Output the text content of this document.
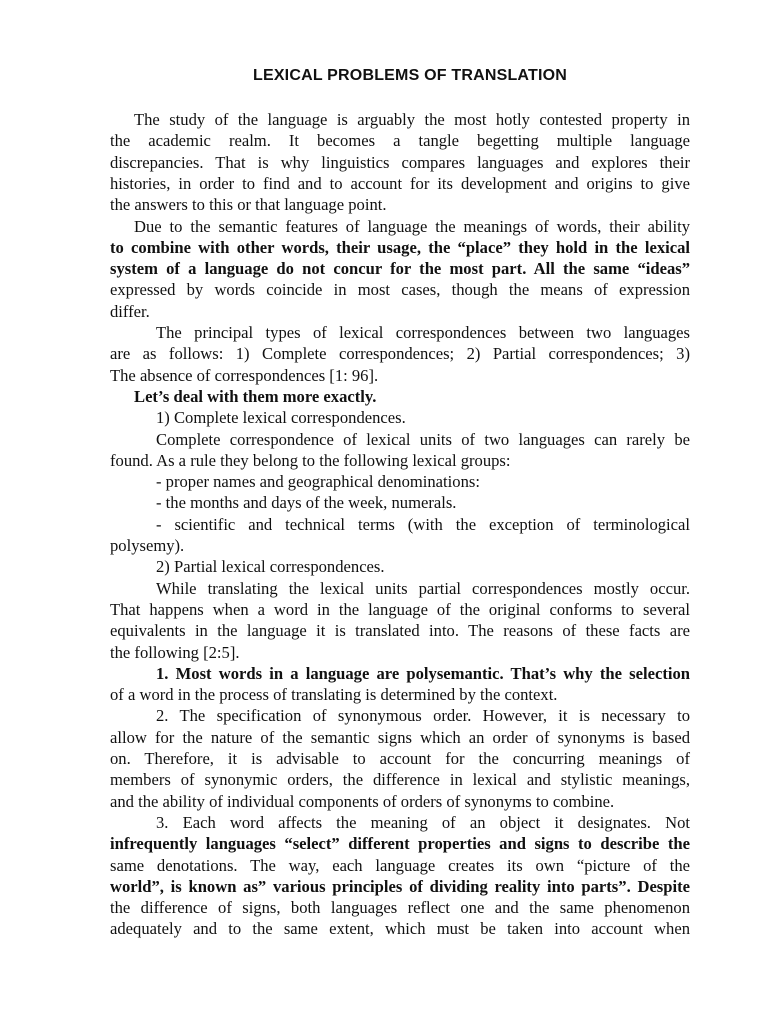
LEXICAL PROBLEMS OF TRANSLATION

The study of the language is arguably the most hotly contested property in

the academic realm. It becomes a tangle begetting multiple language

discrepancies. That is why linguistics compares languages and explores their

histories, in order to find and to account for its development and origins to give

the answers to this or that language point.

Due to the semantic features of language the meanings of words, their ability

to combine with other words, their usage, the “place” they hold in the lexical

system of a language do not concur for the most part. All the same “ideas”

expressed by words coincide in most cases, though the means of expression

differ.

The principal types of lexical correspondences between two languages

are as follows: 1) Complete correspondences; 2) Partial correspondences; 3)

The absence of correspondences [1: 96].

Let’s deal with them more exactly.

1) Complete lexical correspondences.

Complete correspondence of lexical units of two languages can rarely be

found. As a rule they belong to the following lexical groups:

- proper names and geographical denominations:

- the months and days of the week, numerals.

- scientific and technical terms (with the exception of terminological

polysemy).

2) Partial lexical correspondences.

While translating the lexical units partial correspondences mostly occur.

That happens when a word in the language of the original conforms to several

equivalents in the language it is translated into. The reasons of these facts are

the following [2:5].

1. Most words in a language are polysemantic. That’s why the selection

of a word in the process of translating is determined by the context.

2. The specification of synonymous order. However, it is necessary to

allow for the nature of the semantic signs which an order of synonyms is based

on. Therefore, it is advisable to account for the concurring meanings of

members of synonymic orders, the difference in lexical and stylistic meanings,

and the ability of individual components of orders of synonyms to combine.

3. Each word affects the meaning of an object it designates. Not

infrequently languages “select” different properties and signs to describe the

same denotations. The way, each language creates its own “picture of the

world”, is known as” various principles of dividing reality into parts”. Despite

the difference of signs, both languages reflect one and the same phenomenon

adequately and to the same extent, which must be taken into account when
